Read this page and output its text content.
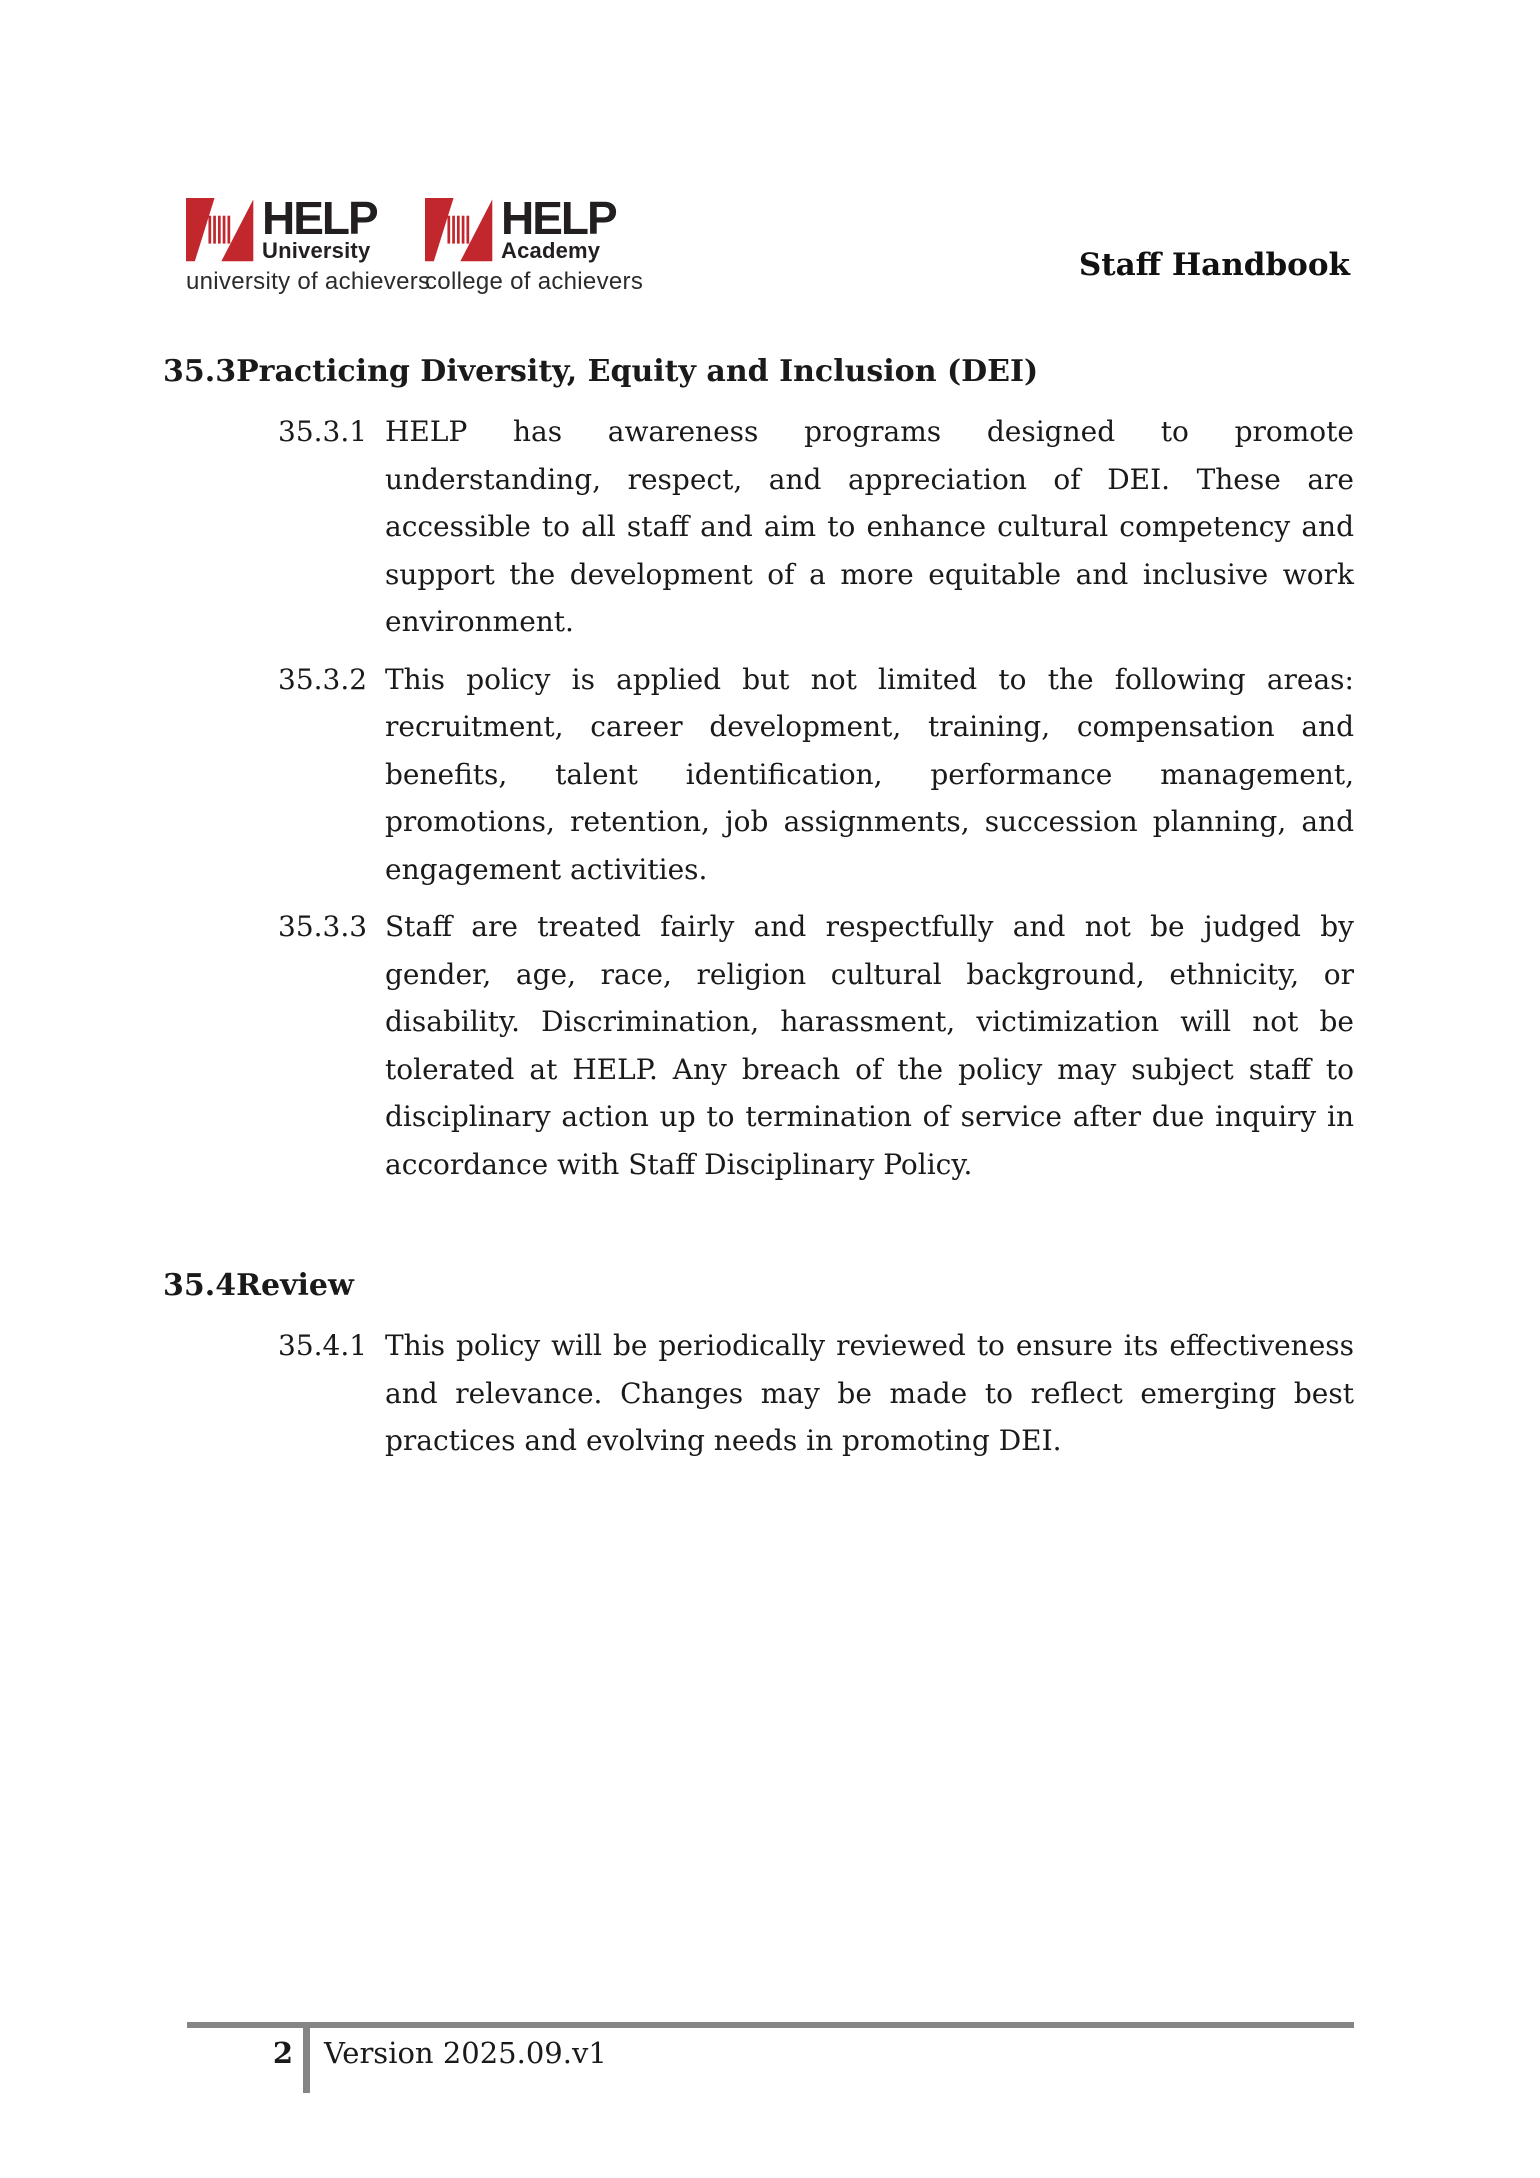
HELP
University
university of achievers
HELP
Academy
college of achievers	Staff Handbook
35.3 Practicing Diversity, Equity and Inclusion (DEI)
35.3.1 HELP has awareness programs designed to promote understanding, respect, and appreciation of DEI. These are accessible to all staff and aim to enhance cultural competency and support the development of a more equitable and inclusive work environment.
35.3.2 This policy is applied but not limited to the following areas: recruitment, career development, training, compensation and benefits, talent identification, performance management, promotions, retention, job assignments, succession planning, and engagement activities.
35.3.3 Staff are treated fairly and respectfully and not be judged by gender, age, race, religion cultural background, ethnicity, or disability. Discrimination, harassment, victimization will not be tolerated at HELP. Any breach of the policy may subject staff to disciplinary action up to termination of service after due inquiry in accordance with Staff Disciplinary Policy.
35.4 Review
35.4.1 This policy will be periodically reviewed to ensure its effectiveness and relevance. Changes may be made to reflect emerging best practices and evolving needs in promoting DEI.
2 Version 2025.09.v1
